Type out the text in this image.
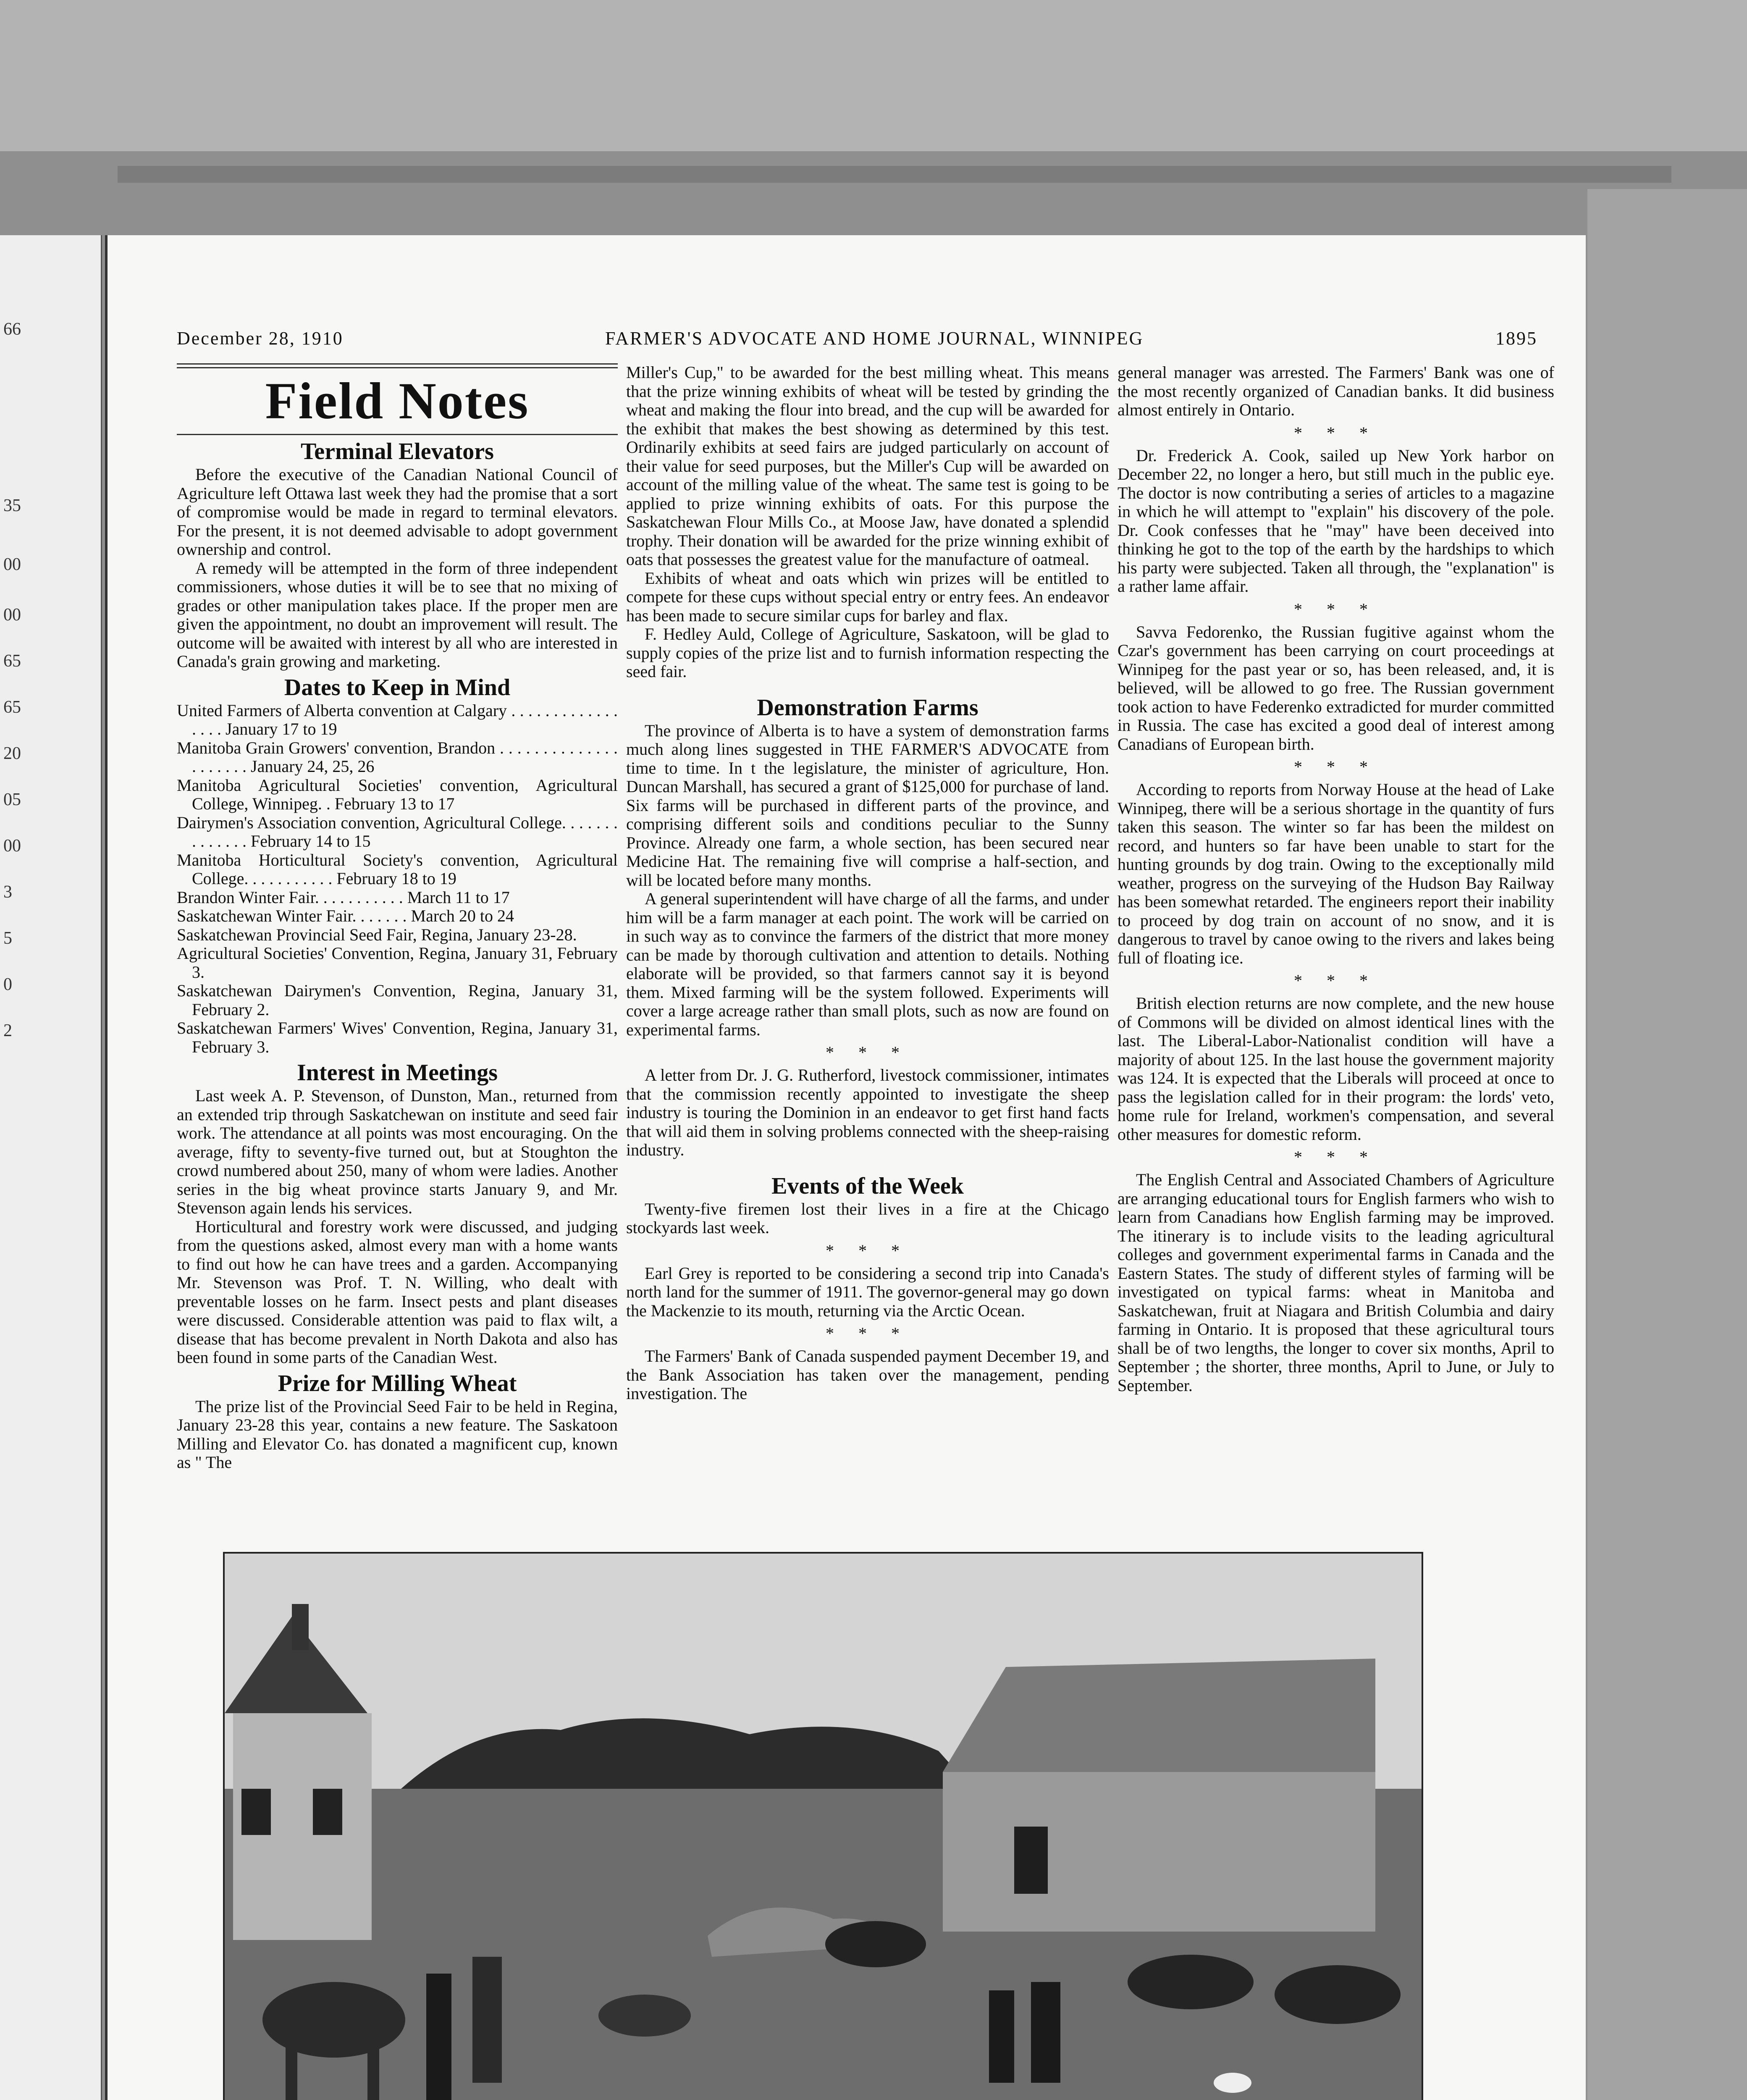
66
35
00
00
65
65
20
05
00
3
5
0
2
December 28, 1910	FARMER'S ADVOCATE AND HOME JOURNAL, WINNIPEG	1895
Field Notes
Terminal Elevators

Before the executive of the Canadian National Council of Agriculture left Ottawa last week they had the promise that a sort of compromise would be made in regard to terminal elevators. For the present, it is not deemed advisable to adopt government ownership and control.

A remedy will be attempted in the form of three independent commissioners, whose duties it will be to see that no mixing of grades or other manipulation takes place. If the proper men are given the appointment, no doubt an improvement will result. The outcome will be awaited with interest by all who are interested in Canada's grain growing and marketing.

Dates to Keep in Mind
United Farmers of Alberta convention at Calgary . . . . . . . . . . . . . . . . . January 17 to 19
Manitoba Grain Growers' convention, Brandon . . . . . . . . . . . . . . . . . . . . . January 24, 25, 26
Manitoba Agricultural Societies' convention, Agricultural College, Winnipeg. . February 13 to 17
Dairymen's Association convention, Agricultural College. . . . . . . . . . . . . . February 14 to 15
Manitoba Horticultural Society's convention, Agricultural College. . . . . . . . . . . February 18 to 19
Brandon Winter Fair. . . . . . . . . . . March 11 to 17
Saskatchewan Winter Fair. . . . . . . March 20 to 24
Saskatchewan Provincial Seed Fair, Regina, January 23-28.
Agricultural Societies' Convention, Regina, January 31, February 3.
Saskatchewan Dairymen's Convention, Regina, January 31, February 2.
Saskatchewan Farmers' Wives' Convention, Regina, January 31, February 3.
Interest in Meetings

Last week A. P. Stevenson, of Dunston, Man., returned from an extended trip through Saskatchewan on institute and seed fair work. The attendance at all points was most encouraging. On the average, fifty to seventy-five turned out, but at Stoughton the crowd numbered about 250, many of whom were ladies. Another series in the big wheat province starts January 9, and Mr. Stevenson again lends his services.

Horticultural and forestry work were discussed, and judging from the questions asked, almost every man with a home wants to find out how he can have trees and a garden. Accompanying Mr. Stevenson was Prof. T. N. Willing, who dealt with preventable losses on he farm. Insect pests and plant diseases were discussed. Considerable attention was paid to flax wilt, a disease that has become prevalent in North Dakota and also has been found in some parts of the Canadian West.

Prize for Milling Wheat

The prize list of the Provincial Seed Fair to be held in Regina, January 23-28 this year, contains a new feature. The Saskatoon Milling and Elevator Co. has donated a magnificent cup, known as " The

Miller's Cup," to be awarded for the best milling wheat. This means that the prize winning exhibits of wheat will be tested by grinding the wheat and making the flour into bread, and the cup will be awarded for the exhibit that makes the best showing as determined by this test. Ordinarily exhibits at seed fairs are judged particularly on account of their value for seed purposes, but the Miller's Cup will be awarded on account of the milling value of the wheat. The same test is going to be applied to prize winning exhibits of oats. For this purpose the Saskatchewan Flour Mills Co., at Moose Jaw, have donated a splendid trophy. Their donation will be awarded for the prize winning exhibit of oats that possesses the greatest value for the manufacture of oatmeal.

Exhibits of wheat and oats which win prizes will be entitled to compete for these cups without special entry or entry fees. An endeavor has been made to secure similar cups for barley and flax.

F. Hedley Auld, College of Agriculture, Saskatoon, will be glad to supply copies of the prize list and to furnish information respecting the seed fair.

Demonstration Farms

The province of Alberta is to have a system of demonstration farms much along lines suggested in THE FARMER'S ADVOCATE from time to time. In t the legislature, the minister of agriculture, Hon. Duncan Marshall, has secured a grant of $125,000 for purchase of land. Six farms will be purchased in different parts of the province, and comprising different soils and conditions peculiar to the Sunny Province. Already one farm, a whole section, has been secured near Medicine Hat. The remaining five will comprise a half-section, and will be located before many months.

A general superintendent will have charge of all the farms, and under him will be a farm manager at each point. The work will be carried on in such way as to convince the farmers of the district that more money can be made by thorough cultivation and attention to details. Nothing elaborate will be provided, so that farmers cannot say it is beyond them. Mixed farming will be the system followed. Experiments will cover a large acreage rather than small plots, such as now are found on experimental farms.

* * *

A letter from Dr. J. G. Rutherford, livestock commissioner, intimates that the commission recently appointed to investigate the sheep industry is touring the Dominion in an endeavor to get first hand facts that will aid them in solving problems connected with the sheep-raising industry.

Events of the Week

Twenty-five firemen lost their lives in a fire at the Chicago stockyards last week.

* * *

Earl Grey is reported to be considering a second trip into Canada's north land for the summer of 1911. The governor-general may go down the Mackenzie to its mouth, returning via the Arctic Ocean.

* * *

The Farmers' Bank of Canada suspended payment December 19, and the Bank Association has taken over the management, pending investigation. The

general manager was arrested. The Farmers' Bank was one of the most recently organized of Canadian banks. It did business almost entirely in Ontario.

* * *

Dr. Frederick A. Cook, sailed up New York harbor on December 22, no longer a hero, but still much in the public eye. The doctor is now contributing a series of articles to a magazine in which he will attempt to "explain" his discovery of the pole. Dr. Cook confesses that he "may" have been deceived into thinking he got to the top of the earth by the hardships to which his party were subjected. Taken all through, the "explanation" is a rather lame affair.

* * *

Savva Fedorenko, the Russian fugitive against whom the Czar's government has been carrying on court proceedings at Winnipeg for the past year or so, has been released, and, it is believed, will be allowed to go free. The Russian government took action to have Federenko extradicted for murder committed in Russia. The case has excited a good deal of interest among Canadians of European birth.

* * *

According to reports from Norway House at the head of Lake Winnipeg, there will be a serious shortage in the quantity of furs taken this season. The winter so far has been the mildest on record, and hunters so far have been unable to start for the hunting grounds by dog train. Owing to the exceptionally mild weather, progress on the surveying of the Hudson Bay Railway has been somewhat retarded. The engineers report their inability to proceed by dog train on account of no snow, and it is dangerous to travel by canoe owing to the rivers and lakes being full of floating ice.

* * *

British election returns are now complete, and the new house of Commons will be divided on almost identical lines with the last. The Liberal-Labor-Nationalist condition will have a majority of about 125. In the last house the government majority was 124. It is expected that the Liberals will proceed at once to pass the legislation called for in their program: the lords' veto, home rule for Ireland, workmen's compensation, and several other measures for domestic reform.

* * *

The English Central and Associated Chambers of Agriculture are arranging educational tours for English farmers who wish to learn from Canadians how English farming may be improved. The itinerary is to include visits to the leading agricultural colleges and government experimental farms in Canada and the Eastern States. The study of different styles of farming will be investigated on typical farms: wheat in Manitoba and Saskatchewan, fruit at Niagara and British Columbia and dairy farming in Ontario. It is proposed that these agricultural tours shall be of two lengths, the longer to cover six months, April to September ; the shorter, three months, April to June, or July to September.
